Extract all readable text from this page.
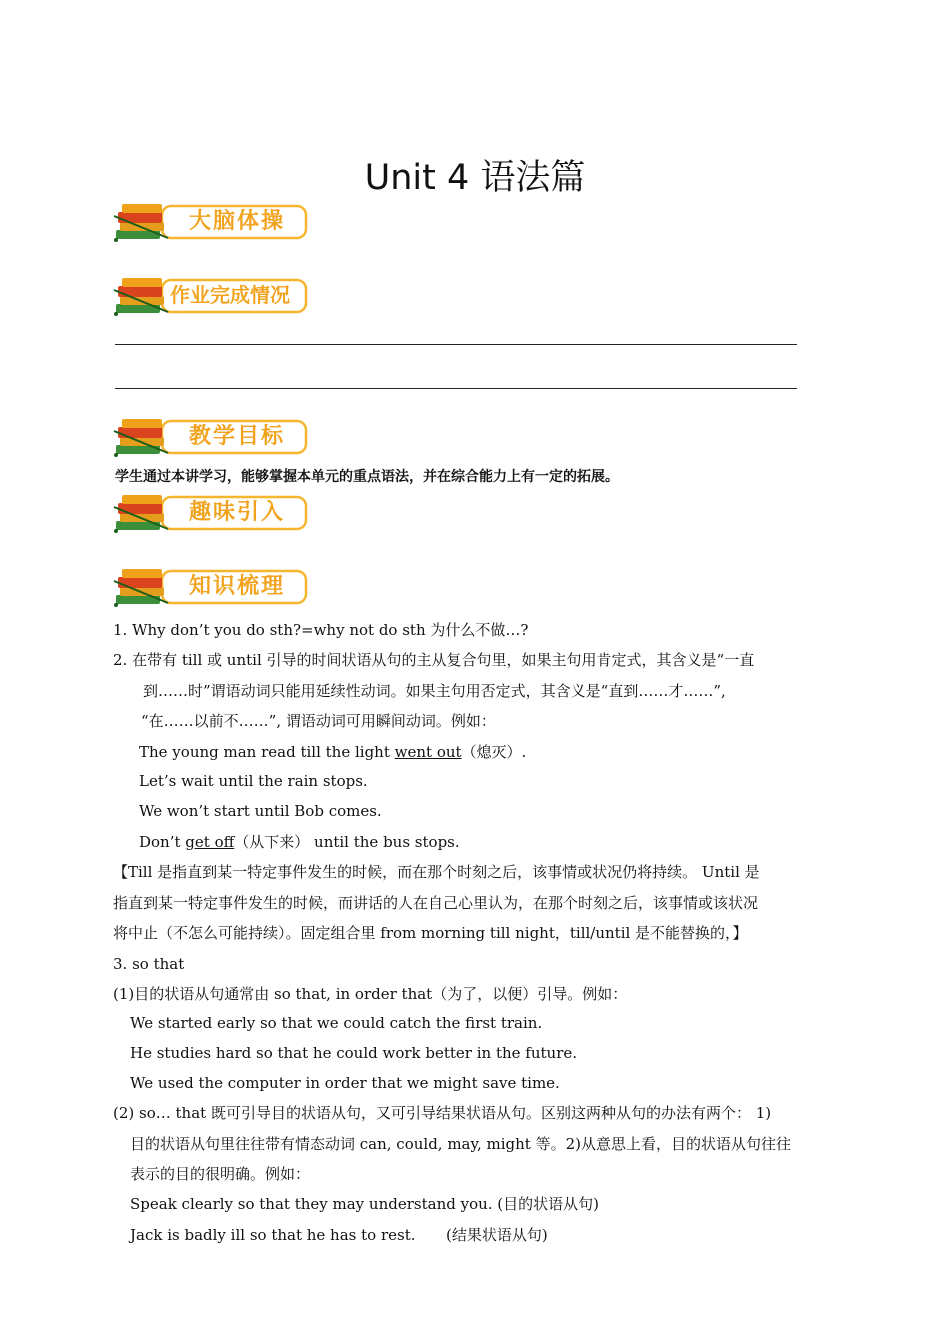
Unit 4 语法篇
大脑体操
作业完成情况
教学目标
学生通过本讲学习，能够掌握本单元的重点语法，并在综合能力上有一定的拓展。
趣味引入
知识梳理
1. Why don’t you do sth?=why not do sth 为什么不做…?
2. 在带有 till 或 until 引导的时间状语从句的主从复合句里，如果主句用肯定式，其含义是“一直
到……时”谓语动词只能用延续性动词。如果主句用否定式，其含义是“直到……才……”,
“在……以前不……”, 谓语动词可用瞬间动词。例如：
The young man read till the light went out（熄灭）.
Let’s wait until the rain stops.
We won’t start until Bob comes.
Don’t get off（从下来） until the bus stops.
【Till 是指直到某一特定事件发生的时候，而在那个时刻之后，该事情或状况仍将持续。 Until 是
指直到某一特定事件发生的时候，而讲话的人在自己心里认为，在那个时刻之后，该事情或该状况
将中止（不怎么可能持续）。固定组合里 from morning till night，till/until 是不能替换的，】
3. so that
(1)目的状语从句通常由 so that, in order that（为了，以便）引导。例如：
We started early so that we could catch the first train.
He studies hard so that he could work better in the future.
We used the computer in order that we might save time.
(2) so… that 既可引导目的状语从句，又可引导结果状语从句。区别这两种从句的办法有两个： 1)
目的状语从句里往往带有情态动词 can, could, may, might 等。2)从意思上看，目的状语从句往往
表示的目的很明确。例如：
Speak clearly so that they may understand you. (目的状语从句)
Jack is badly ill so that he has to rest. (结果状语从句)
